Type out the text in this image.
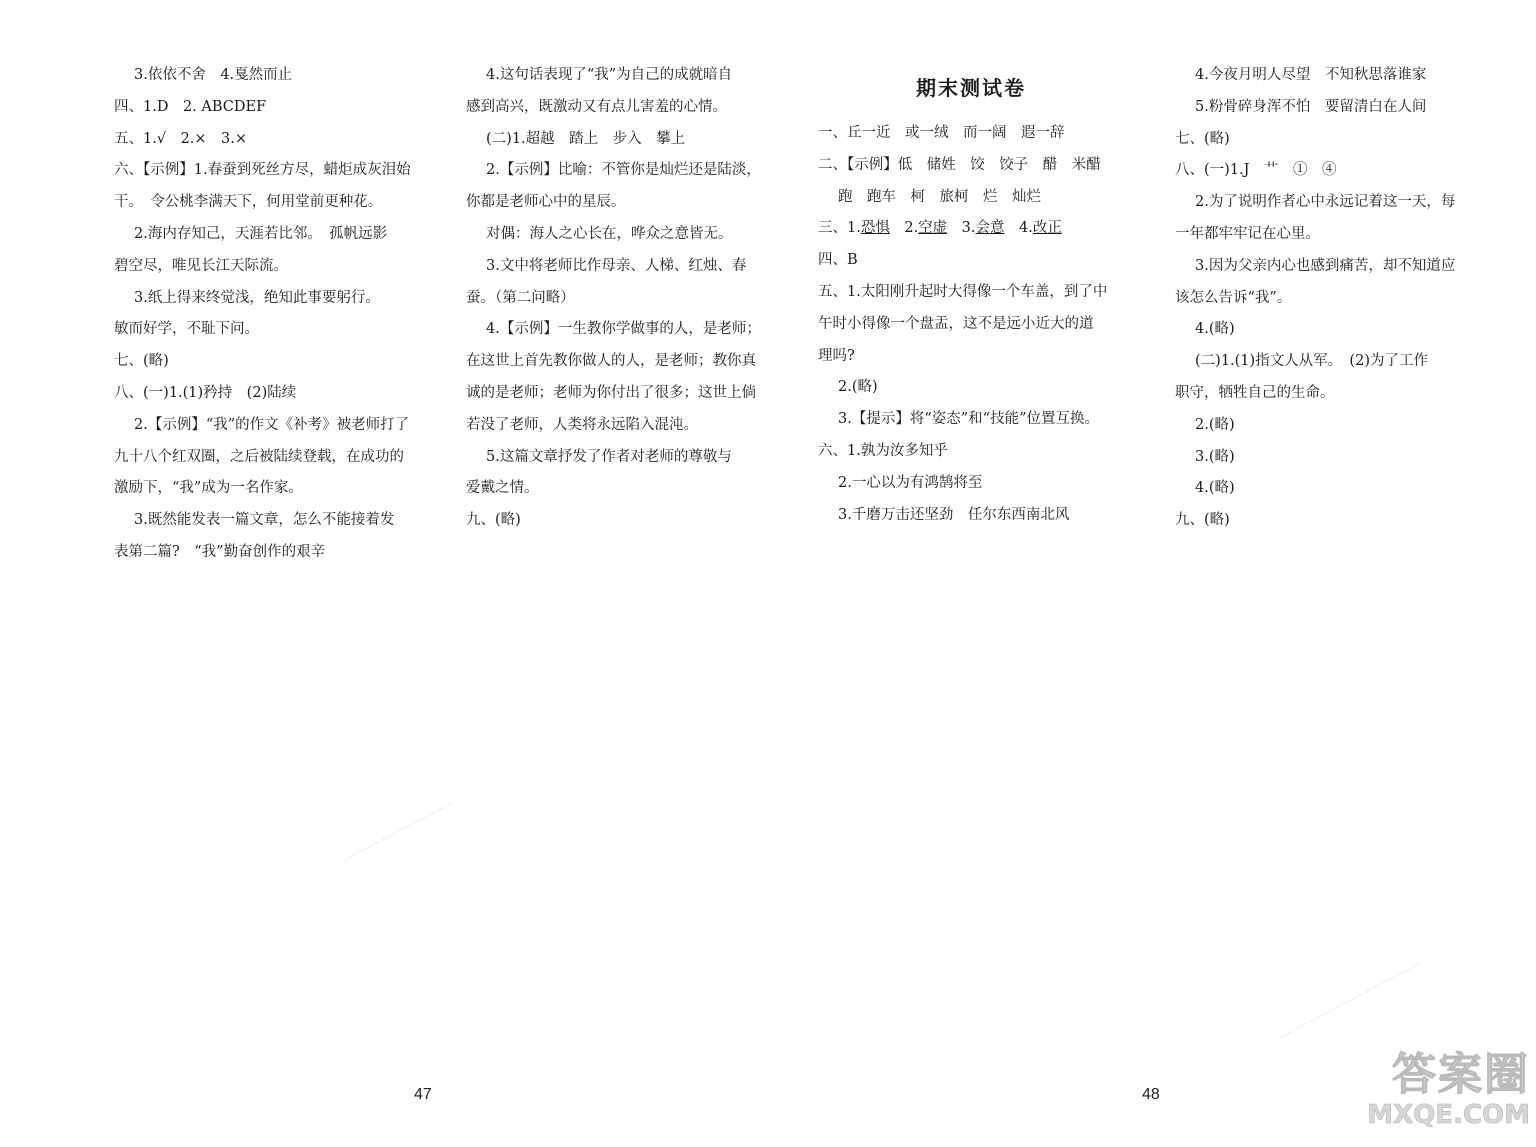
3.依依不舍　4.戛然而止
四、1.D　2. ABCDEF
五、1.√　2.×　3.×
六、【示例】1.春蚕到死丝方尽，蜡炬成灰泪始
干。　令公桃李满天下，何用堂前更种花。
2.海内存知己，天涯若比邻。　孤帆远影
碧空尽，唯见长江天际流。
3.纸上得来终觉浅，绝知此事要躬行。
敏而好学，不耻下问。
七、(略)
八、(一)1.(1)矜持　(2)陆续
2.【示例】“我”的作文《补考》被老师打了
九十八个红双圈，之后被陆续登载，在成功的
激励下，“我”成为一名作家。
3.既然能发表一篇文章，怎么不能接着发
表第二篇?　“我”勤奋创作的艰辛
4.这句话表现了“我”为自己的成就暗自
感到高兴，既激动又有点儿害羞的心情。
(二)1.超越　踏上　步入　攀上
2.【示例】比喻：不管你是灿烂还是陆淡，
你都是老师心中的星辰。
对偶：海人之心长在，哗众之意皆无。
3.文中将老师比作母亲、人梯、红烛、春
蚕。（第二问略）
4.【示例】一生教你学做事的人，是老师；
在这世上首先教你做人的人，是老师；教你真
诚的是老师；老师为你付出了很多；这世上倘
若没了老师，人类将永远陷入混沌。
5.这篇文章抒发了作者对老师的尊敬与
爱戴之情。
九、(略)
期末测试卷
一、丘一近　或一绒　而一阔　遐一辞
二、【示例】低　储姓　饺　饺子　醋　米醋
跑　跑车　柯　旅柯　烂　灿烂
三、1.恐惧　2.空虚　3.会意　4.改正
四、B
五、1.太阳刚升起时大得像一个车盖，到了中
午时小得像一个盘盂，这不是远小近大的道
理吗?
2.(略)
3.【提示】将“姿态”和“技能”位置互换。
六、1.孰为汝多知乎
2.一心以为有鸿鹄将至
3.千磨万击还坚劲　任尔东西南北风
4.今夜月明人尽望　不知秋思落谁家
5.粉骨碎身浑不怕　要留清白在人间
七、(略)
八、(一)1.J　艹　①　④
2.为了说明作者心中永远记着这一天，每
一年都牢牢记在心里。
3.因为父亲内心也感到痛苦，却不知道应
该怎么告诉“我”。
4.(略)
(二)1.(1)指文人从军。　(2)为了工作
职守，牺牲自己的生命。
2.(略)
3.(略)
4.(略)
九、(略)
47	48	答案圈
MXQE.COM
